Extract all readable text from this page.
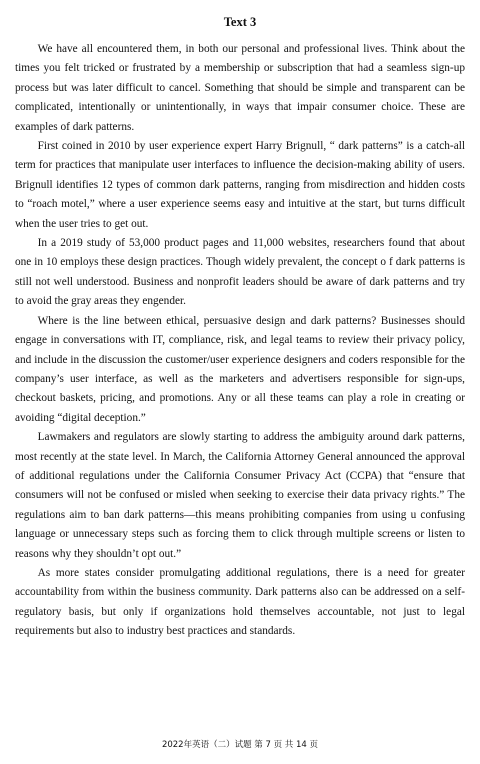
Text 3

We have all encountered them, in both our personal and professional lives. Think about the times you felt tricked or frustrated by a membership or subscription that had a seamless sign-up process but was later difficult to cancel. Something that should be simple and transparent can be complicated, intentionally or unintentionally, in ways that impair consumer choice. These are examples of dark patterns.

First coined in 2010 by user experience expert Harry Brignull, “ dark patterns” is a catch-all term for practices that manipulate user interfaces to influence the decision-making ability of users. Brignull identifies 12 types of common dark patterns, ranging from misdirection and hidden costs to “roach motel,” where a user experience seems easy and intuitive at the start, but turns difficult when the user tries to get out.

In a 2019 study of 53,000 product pages and 11,000 websites, researchers found that about one in 10 employs these design practices. Though widely prevalent, the concept o f dark patterns is still not well understood. Business and nonprofit leaders should be aware of dark patterns and try to avoid the gray areas they engender.

Where is the line between ethical, persuasive design and dark patterns? Businesses should engage in conversations with IT, compliance, risk, and legal teams to review their privacy policy, and include in the discussion the customer/user experience designers and coders responsible for the company’s user interface, as well as the marketers and advertisers responsible for sign-ups, checkout baskets, pricing, and promotions. Any or all these teams can play a role in creating or avoiding “digital deception.”

Lawmakers and regulators are slowly starting to address the ambiguity around dark patterns, most recently at the state level. In March, the California Attorney General announced the approval of additional regulations under the California Consumer Privacy Act (CCPA) that “ensure that consumers will not be confused or misled when seeking to exercise their data privacy rights.” The regulations aim to ban dark patterns—this means prohibiting companies from using u confusing language or unnecessary steps such as forcing them to click through multiple screens or listen to reasons why they shouldn’t opt out.”

As more states consider promulgating additional regulations, there is a need for greater accountability from within the business community. Dark patterns also can be addressed on a self-regulatory basis, but only if organizations hold themselves accountable, not just to legal requirements but also to industry best practices and standards.

2022年英语（二）试题 第 7 页 共 14 页
